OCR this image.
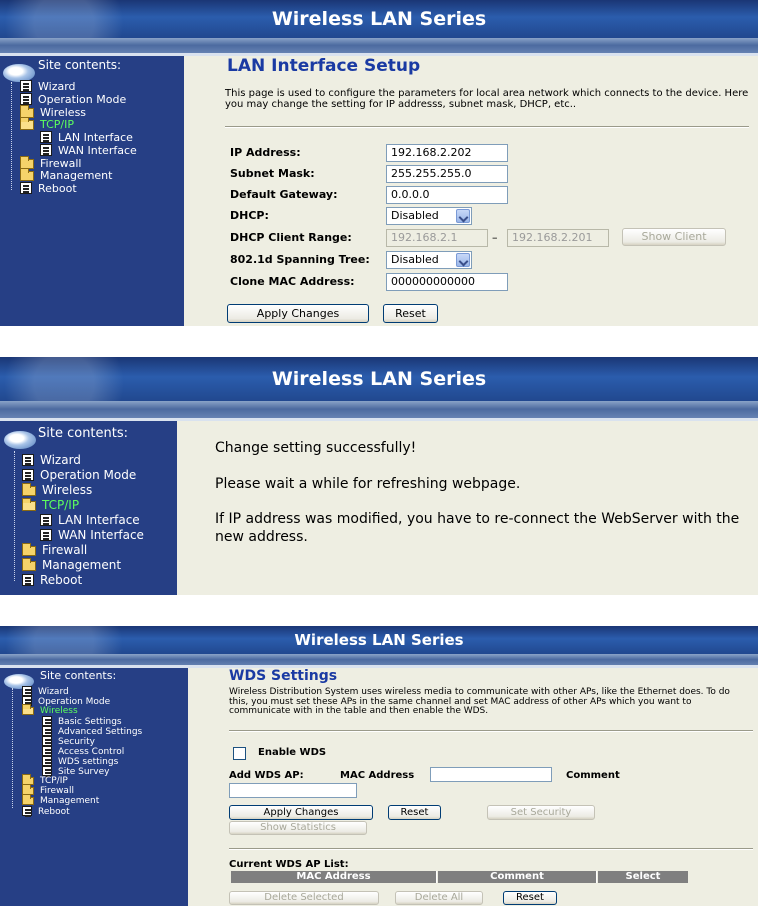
Wireless LAN Series
Site contents:
Wizard
Operation Mode
Wireless
TCP/IP
LAN Interface
WAN Interface
Firewall
Management
Reboot
LAN Interface Setup
This page is used to configure the parameters for local area network which connects to the device. Here you may change the setting for IP addresss, subnet mask, DHCP, etc..
IP Address:	192.168.2.202
Subnet Mask:	255.255.255.0
Default Gateway:	0.0.0.0
DHCP:	Disabled
DHCP Client Range:	192.168.2.1	–	192.168.2.201	Show Client
802.1d Spanning Tree:	Disabled
Clone MAC Address:	000000000000
Apply Changes	Reset
Wireless LAN Series
Site contents:
Wizard
Operation Mode
Wireless
TCP/IP
LAN Interface
WAN Interface
Firewall
Management
Reboot
Change setting successfully!
Please wait a while for refreshing webpage.
If IP address was modified, you have to re-connect the WebServer with the new address.
Wireless LAN Series
Site contents:
Wizard
Operation Mode
Wireless
Basic Settings
Advanced Settings
Security
Access Control
WDS settings
Site Survey
TCP/IP
Firewall
Management
Reboot
WDS Settings
Wireless Distribution System uses wireless media to communicate with other APs, like the Ethernet does. To do this, you must set these APs in the same channel and set MAC address of other APs which you want to communicate with in the table and then enable the WDS.
Enable WDS
Add WDS AP:	MAC Address	Comment
Apply Changes	Reset	Set Security
Show Statistics
Current WDS AP List:
MAC Address	Comment	Select
Delete Selected	Delete All	Reset
